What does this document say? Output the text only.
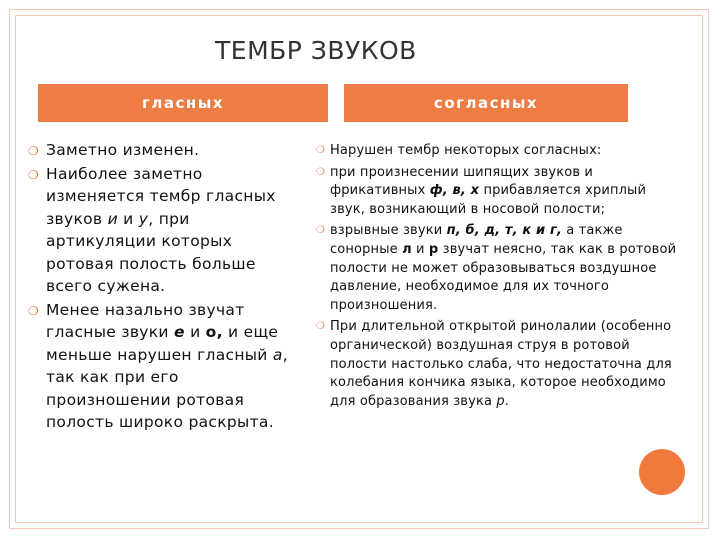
ТЕМБР ЗВУКОВ
гласных	согласных
❍ Заметно изменен.
❍ Наиболее заметно изменяется тембр гласных звуков и и у, при артикуляции которых ротовая полость больше всего сужена.
❍ Менее назально звучат гласные звуки е и о, и еще меньше нарушен гласный а, так как при его произношении ротовая полость широко раскрыта.
❍ Нарушен тембр некоторых согласных:
❍ при произнесении шипящих звуков и фрикативных ф, в, х прибавляется хриплый звук, возникающий в носовой полости;
❍ взрывные звуки п, б, д, т, к и г, а также сонорные л и р звучат неясно, так как в ротовой полости не может образовываться воздушное давление, необходимое для их точного произношения.
❍ При длительной открытой ринолалии (особенно органической) воздушная струя в ротовой полости настолько слаба, что недостаточна для колебания кончика языка, которое необходимо для образования звука р.
